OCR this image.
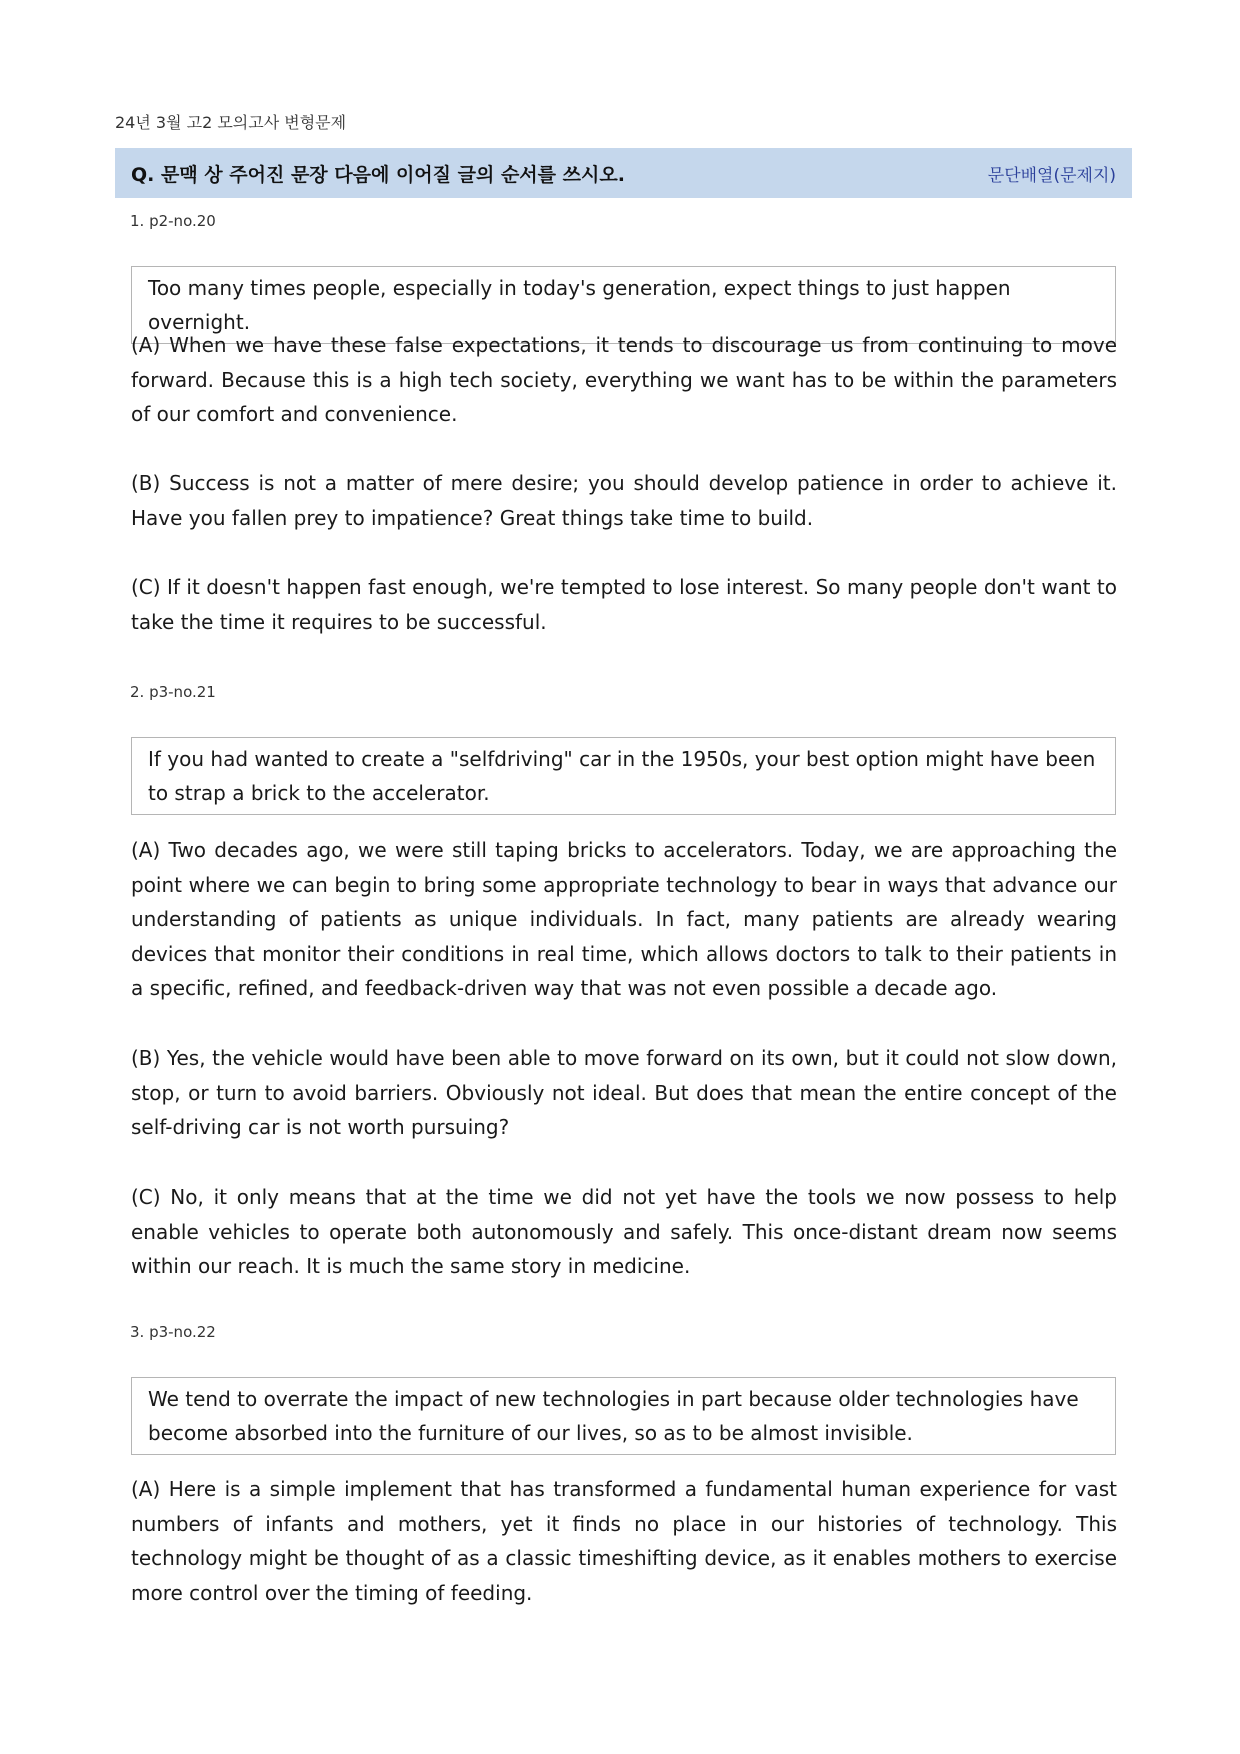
24년 3월 고2 모의고사 변형문제
Q. 문맥 상 주어진 문장 다음에 이어질 글의 순서를 쓰시오.	문단배열(문제지)
1. p2-no.20
Too many times people, especially in today's generation, expect things to just happen overnight.
(A) When we have these false expectations, it tends to discourage us from continuing to move forward. Because this is a high tech society, everything we want has to be within the parameters of our comfort and convenience.
(B) Success is not a matter of mere desire; you should develop patience in order to achieve it. Have you fallen prey to impatience? Great things take time to build.
(C) If it doesn't happen fast enough, we're tempted to lose interest. So many people don't want to take the time it requires to be successful.
2. p3-no.21
If you had wanted to create a "selfdriving" car in the 1950s, your best option might have been to strap a brick to the accelerator.
(A) Two decades ago, we were still taping bricks to accelerators. Today, we are approaching the point where we can begin to bring some appropriate technology to bear in ways that advance our understanding of patients as unique individuals. In fact, many patients are already wearing devices that monitor their conditions in real time, which allows doctors to talk to their patients in a specific, refined, and feedback-driven way that was not even possible a decade ago.
(B) Yes, the vehicle would have been able to move forward on its own, but it could not slow down, stop, or turn to avoid barriers. Obviously not ideal. But does that mean the entire concept of the self-driving car is not worth pursuing?
(C) No, it only means that at the time we did not yet have the tools we now possess to help enable vehicles to operate both autonomously and safely. This once-distant dream now seems within our reach. It is much the same story in medicine.
3. p3-no.22
We tend to overrate the impact of new technologies in part because older technologies have become absorbed into the furniture of our lives, so as to be almost invisible.
(A) Here is a simple implement that has transformed a fundamental human experience for vast numbers of infants and mothers, yet it finds no place in our histories of technology. This technology might be thought of as a classic timeshifting device, as it enables mothers to exercise more control over the timing of feeding.
